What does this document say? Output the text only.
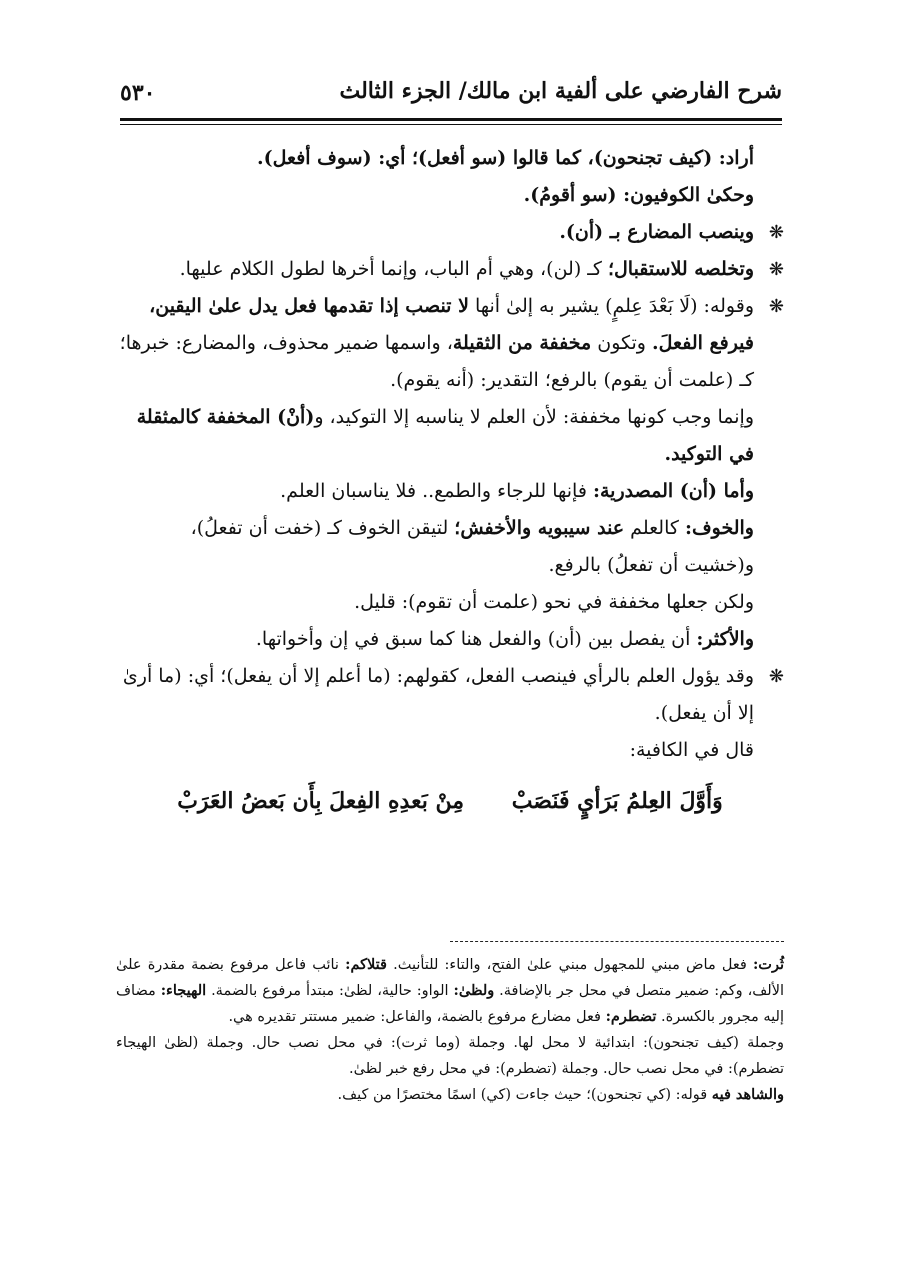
شرح الفارضي على ألفية ابن مالك/ الجزء الثالث
٥٣٠

أراد: (كيف تجنحون)، كما قالوا (سو أفعل)؛ أي: (سوف أفعل).

وحكىٰ الكوفيون: (سو أقومُ).

❋
وينصب المضارع بـ (أن).

❋
وتخلصه للاستقبال؛ كـ (لن)، وهي أم الباب، وإنما أخرها لطول الكلام عليها.

❋
وقوله: (لَا بَعْدَ عِلمٍ) يشير به إلىٰ أنها لا تنصب إذا تقدمها فعل يدل علىٰ اليقين، فيرفع الفعلَ. وتكون مخففة من الثقيلة، واسمها ضمير محذوف، والمضارع: خبرها؛ كـ (علمت أن يقوم) بالرفع؛ التقدير: (أنه يقوم).

وإنما وجب كونها مخففة: لأن العلم لا يناسبه إلا التوكيد، و(أنْ) المخففة كالمثقلة في التوكيد.

وأما (أن) المصدرية: فإنها للرجاء والطمع.. فلا يناسبان العلم.

والخوف: كالعلم عند سيبويه والأخفش؛ لتيقن الخوف كـ (خفت أن تفعلُ)، و(خشيت أن تفعلُ) بالرفع.

ولكن جعلها مخففة في نحو (علمت أن تقوم): قليل.

والأكثر: أن يفصل بين (أن) والفعل هنا كما سبق في إن وأخواتها.

❋
وقد يؤول العلم بالرأي فينصب الفعل، كقولهم: (ما أعلم إلا أن يفعل)؛ أي: (ما أرىٰ إلا أن يفعل).

قال في الكافية:

وَأَوَّلَ العِلمُ بَرَأيٍ فَنَصَبْ مِنْ بَعدِهِ الفِعلَ بِأَن بَعضُ العَرَبْ

ثُرت: فعل ماض مبني للمجهول مبني علىٰ الفتح، والتاء: للتأنيث. قتلاكم: نائب فاعل مرفوع بضمة مقدرة علىٰ الألف، وكم: ضمير متصل في محل جر بالإضافة. ولظىٰ: الواو: حالية، لظىٰ: مبتدأ مرفوع بالضمة. الهيجاء: مضاف إليه مجرور بالكسرة. تضطرم: فعل مضارع مرفوع بالضمة، والفاعل: ضمير مستتر تقديره هي.

وجملة (كيف تجنحون): ابتدائية لا محل لها. وجملة (وما ثرت): في محل نصب حال. وجملة (لظىٰ الهيجاء تضطرم): في محل نصب حال. وجملة (تضطرم): في محل رفع خبر لظىٰ.

والشاهد فيه قوله: (كي تجنحون)؛ حيث جاءت (كي) اسمًا مختصرًا من كيف.
